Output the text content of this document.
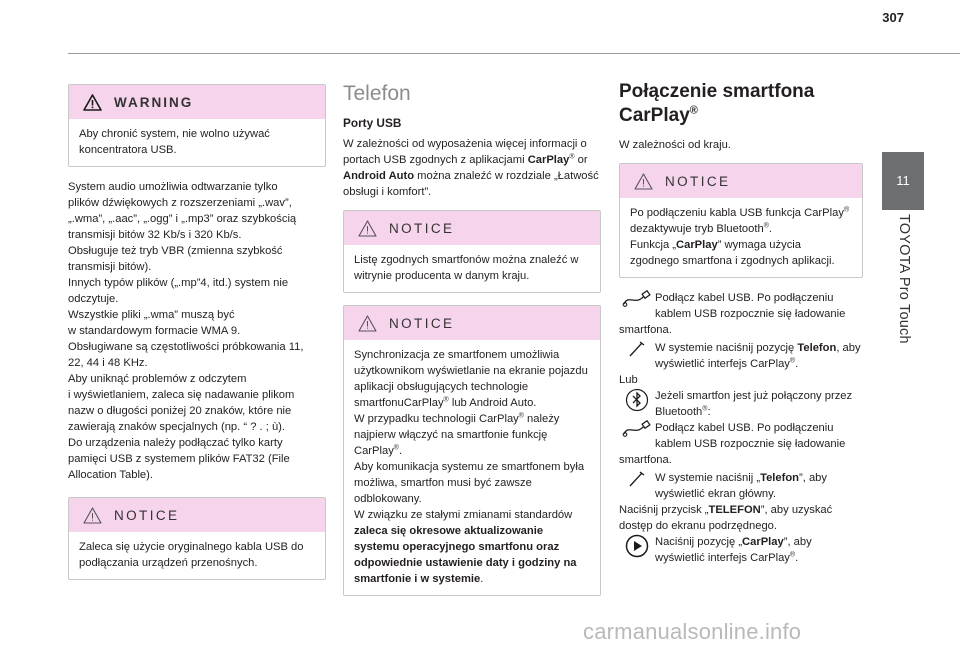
307
11
TOYOTA Pro Touch
WARNING
Aby chronić system, nie wolno używać koncentratora USB.
System audio umożliwia odtwarzanie tylko
plików dźwiękowych z rozszerzeniami „.wav”,
„.wma”, „.aac”, „.ogg” i „.mp3” oraz szybkością
transmisji bitów 32 Kb/s i 320 Kb/s.
Obsługuje też tryb VBR (zmienna szybkość
transmisji bitów).
Innych typów plików („.mp”4, itd.) system nie
odczytuje.
Wszystkie pliki „.wma” muszą być
w standardowym formacie WMA 9.
Obsługiwane są częstotliwości próbkowania 11,
22, 44 i 48 KHz.
Aby uniknąć problemów z odczytem
i wyświetlaniem, zaleca się nadawanie plikom
nazw o długości poniżej 20 znaków, które nie
zawierają znaków specjalnych (np. “ ? . ; ù).
Do urządzenia należy podłączać tylko karty
pamięci USB z systemem plików FAT32 (File
Allocation Table).
NOTICE
Zaleca się użycie oryginalnego kabla USB do podłączania urządzeń przenośnych.
Telefon
Porty USB
W zależności od wyposażenia więcej informacji o portach USB zgodnych z aplikacjami CarPlay® or Android Auto można znaleźć w rozdziale „Łatwość obsługi i komfort”.
NOTICE
Listę zgodnych smartfonów można znaleźć w witrynie producenta w danym kraju.
NOTICE
Synchronizacja ze smartfonem umożliwia użytkownikom wyświetlanie na ekranie pojazdu aplikacji obsługujących technologie smartfonuCarPlay® lub Android Auto.
W przypadku technologii CarPlay® należy najpierw włączyć na smartfonie funkcję CarPlay®.
Aby komunikacja systemu ze smartfonem była możliwa, smartfon musi być zawsze odblokowany.
W związku ze stałymi zmianami standardów zaleca się okresowe aktualizowanie systemu operacyjnego smartfonu oraz odpowiednie ustawienie daty i godziny na smartfonie i w systemie.
Połączenie smartfona CarPlay®
W zależności od kraju.
NOTICE
Po podłączeniu kabla USB funkcja CarPlay® dezaktywuje tryb Bluetooth®.
Funkcja „CarPlay” wymaga użycia zgodnego smartfona i zgodnych aplikacji.
Podłącz kabel USB. Po podłączeniu kablem USB rozpocznie się ładowanie
smartfona.
W systemie naciśnij pozycję Telefon, aby wyświetlić interfejs CarPlay®.
Lub
Jeżeli smartfon jest już połączony przez Bluetooth®:
Podłącz kabel USB. Po podłączeniu kablem USB rozpocznie się ładowanie
smartfona.
W systemie naciśnij „Telefon”, aby wyświetlić ekran główny.
Naciśnij przycisk „TELEFON”, aby uzyskać dostęp do ekranu podrzędnego.
Naciśnij pozycję „CarPlay”, aby wyświetlić interfejs CarPlay®.
carmanualsonline.info
